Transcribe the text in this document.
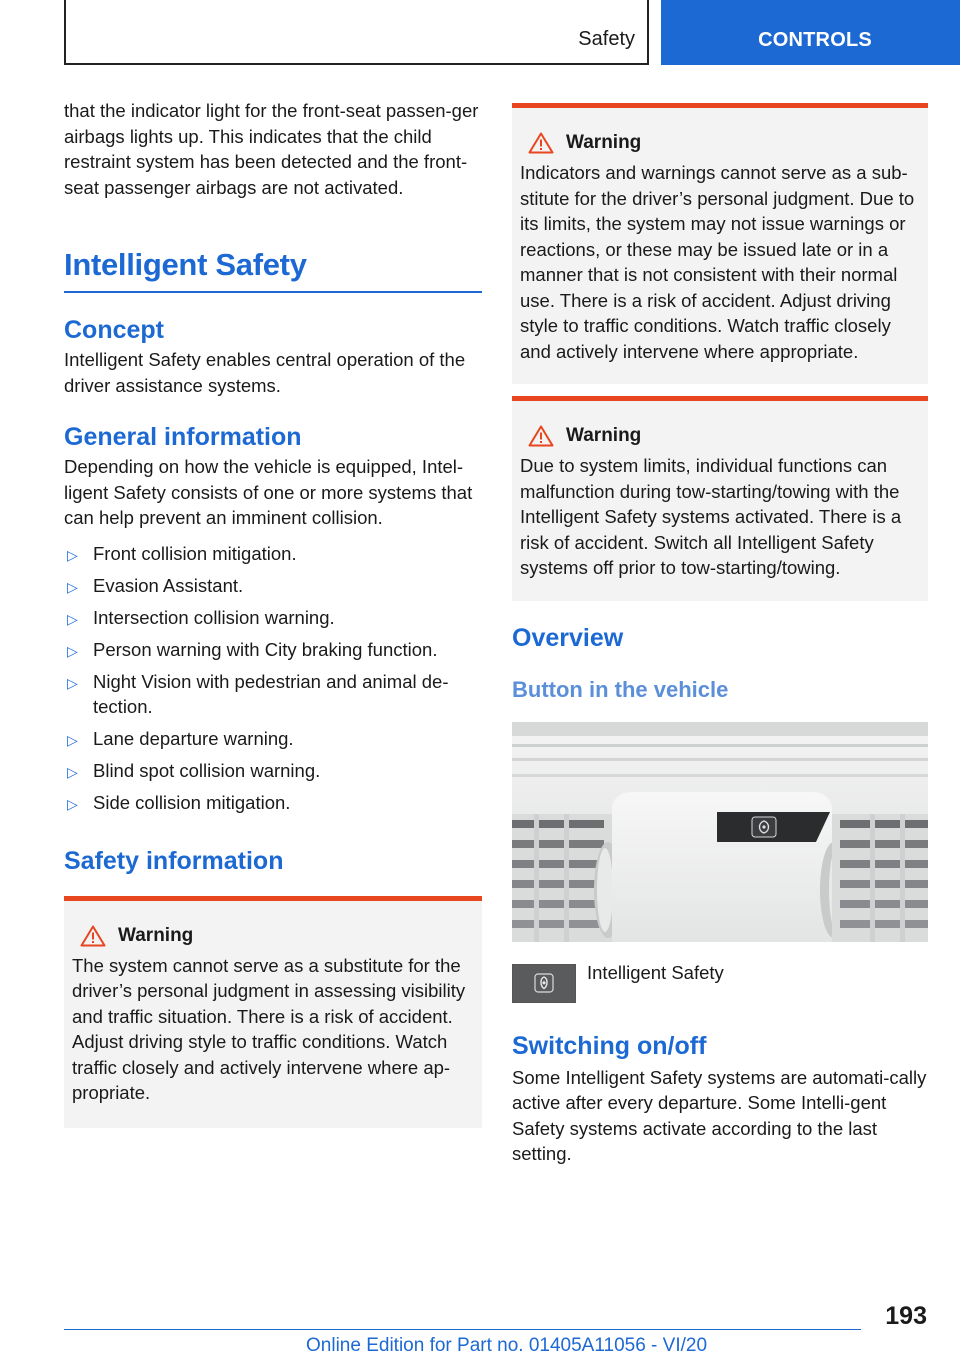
Safety	CONTROLS

that the indicator light for the front-seat passen-ger airbags lights up. This indicates that the child restraint system has been detected and the front-seat passenger airbags are not activated.

Intelligent Safety
Concept

Intelligent Safety enables central operation of the driver assistance systems.

General information

Depending on how the vehicle is equipped, Intel-ligent Safety consists of one or more systems that can help prevent an imminent collision.

▷ Front collision mitigation.
▷ Evasion Assistant.
▷ Intersection collision warning.
▷ Person warning with City braking function.
▷ Night Vision with pedestrian and animal de-tection.
▷ Lane departure warning.
▷ Blind spot collision warning.
▷ Side collision mitigation.
Safety information
Warning

The system cannot serve as a substitute for the driver’s personal judgment in assessing visibility and traffic situation. There is a risk of accident. Adjust driving style to traffic conditions. Watch traffic closely and actively intervene where ap-propriate.

Warning

Indicators and warnings cannot serve as a sub-stitute for the driver’s personal judgment. Due to its limits, the system may not issue warnings or reactions, or these may be issued late or in a manner that is not consistent with their normal use. There is a risk of accident. Adjust driving style to traffic conditions. Watch traffic closely and actively intervene where appropriate.

Warning

Due to system limits, individual functions can malfunction during tow-starting/towing with the Intelligent Safety systems activated. There is a risk of accident. Switch all Intelligent Safety systems off prior to tow-starting/towing.

Overview
Button in the vehicle
Intelligent Safety
Switching on/off

Some Intelligent Safety systems are automati-cally active after every departure. Some Intelli-gent Safety systems activate according to the last setting.

193
Online Edition for Part no. 01405A11056 - VI/20
